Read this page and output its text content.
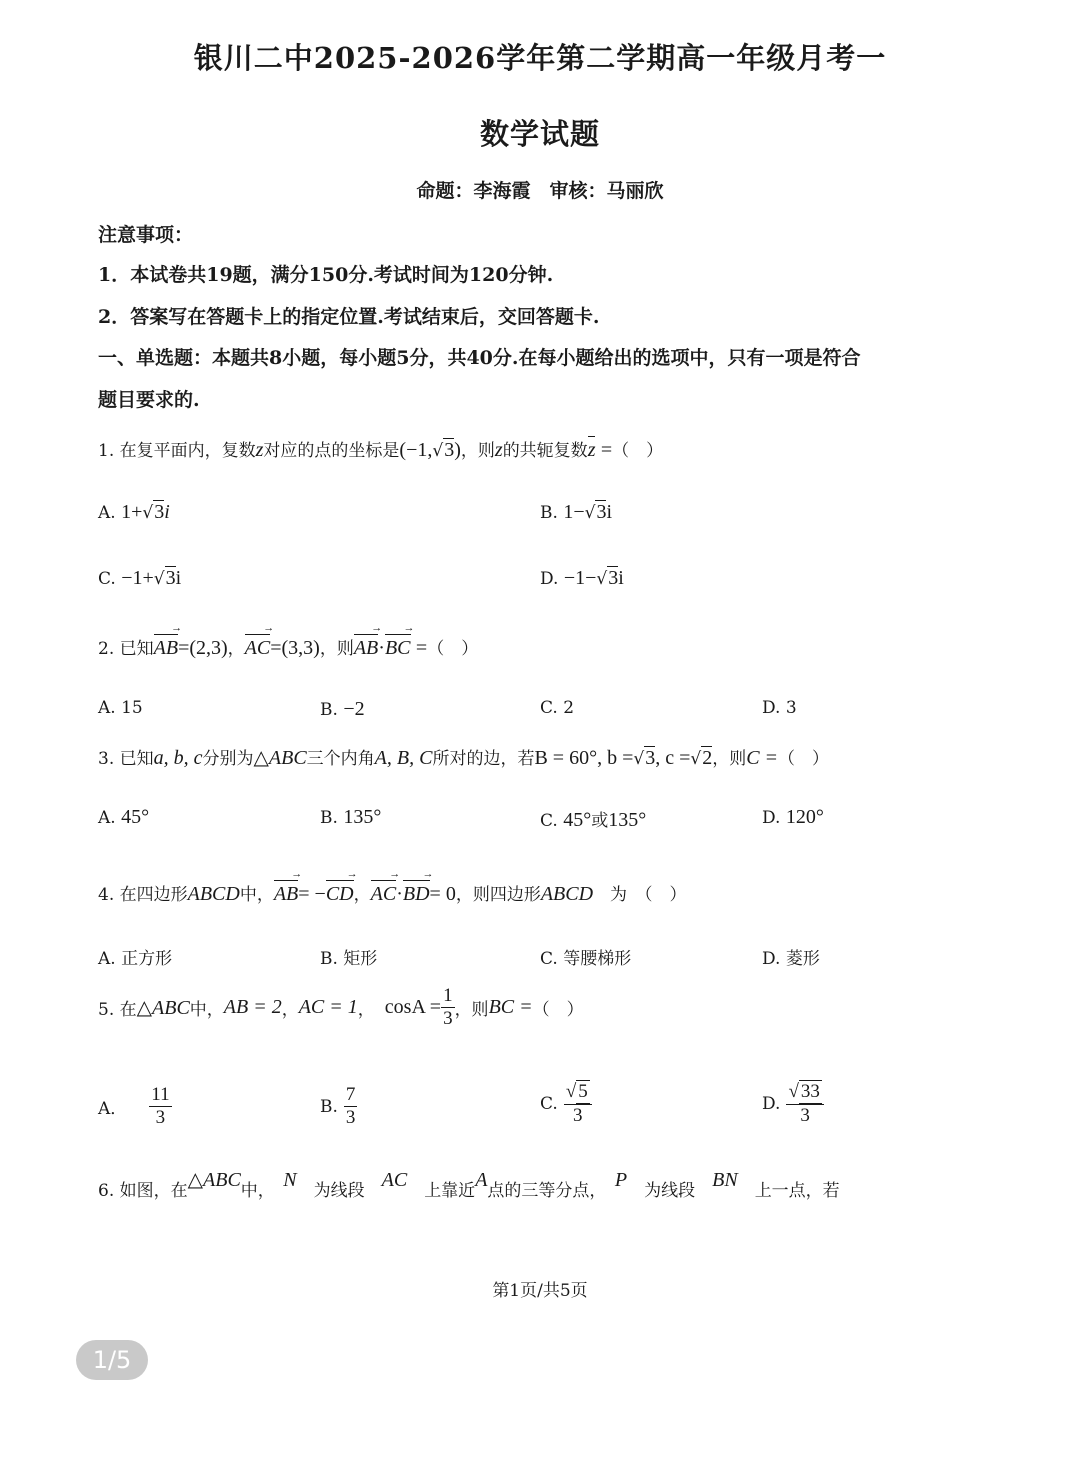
银川二中2025-2026学年第二学期高一年级月考一
数学试题
命题：李海霞　审核：马丽欣
注意事项：
1．本试卷共19题，满分150分.考试时间为120分钟.
2．答案写在答题卡上的指定位置.考试结束后，交回答题卡.
一、单选题：本题共8小题，每小题5分，共40分.在每小题给出的选项中，只有一项是符合
题目要求的.
1. 在复平面内，复数z对应的点的坐标是(−1,√3)，则z的共轭复数z =（　）
A. 1+√3i	B. 1−√3i
C. −1+√3i	D. −1−√3i
2. 已知AB →=(2,3)，AC →=(3,3)，则AB →·BC → =（　）
A. 15	B. −2	C. 2	D. 3
3. 已知a, b, c分别为△ABC三个内角A, B, C所对的边，若B = 60°, b =√3, c =√2，则C =（　）
A. 45°	B. 135°	C. 45°或135°	D. 120°
4. 在四边形ABCD中，AB →= −CD →，AC →·BD →= 0，则四边形ABCD　 为　 （　）
A. 正方形	B. 矩形	C. 等腰梯形	D. 菱形
5. 在 △ABC 中， AB = 2 ， AC = 1 ， $\cos A = \frac{1}{3}$ ，则 BC = （　）
A． $\frac{11}{3}$	B. $\frac{7}{3}$	C. $\frac{√ 5}{3}$	D. $\frac{√ 33}{3}$
6. 如图，在△ABC中，　 N　 为线段　 AC　 上靠近A点的三等分点，　 P　 为线段　 BN　 上一点，若
第1页/共5页
1/5
